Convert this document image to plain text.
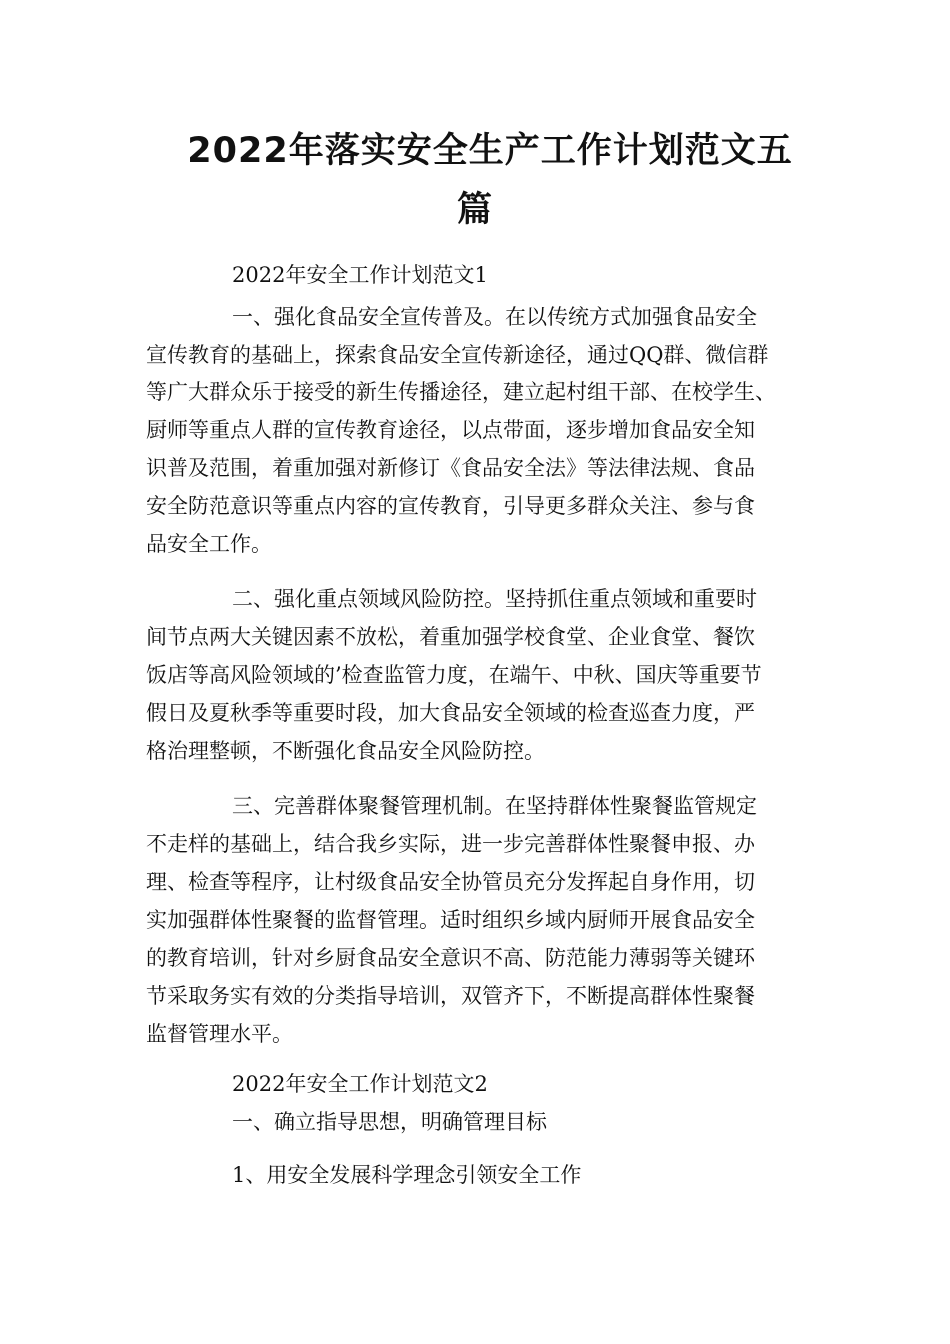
2022年落实安全生产工作计划范文五
篇
2022年安全工作计划范文1
一、强化食品安全宣传普及。在以传统方式加强食品安全
宣传教育的基础上，探索食品安全宣传新途径，通过QQ群、微信群
等广大群众乐于接受的新生传播途径，建立起村组干部、在校学生、
厨师等重点人群的宣传教育途径，以点带面，逐步增加食品安全知
识普及范围，着重加强对新修订《食品安全法》等法律法规、食品
安全防范意识等重点内容的宣传教育，引导更多群众关注、参与食
品安全工作。
二、强化重点领域风险防控。坚持抓住重点领域和重要时
间节点两大关键因素不放松，着重加强学校食堂、企业食堂、餐饮
饭店等高风险领域的’检查监管力度，在端午、中秋、国庆等重要节
假日及夏秋季等重要时段，加大食品安全领域的检查巡查力度，严
格治理整顿，不断强化食品安全风险防控。
三、完善群体聚餐管理机制。在坚持群体性聚餐监管规定
不走样的基础上，结合我乡实际，进一步完善群体性聚餐申报、办
理、检查等程序，让村级食品安全协管员充分发挥起自身作用，切
实加强群体性聚餐的监督管理。适时组织乡域内厨师开展食品安全
的教育培训，针对乡厨食品安全意识不高、防范能力薄弱等关键环
节采取务实有效的分类指导培训，双管齐下，不断提高群体性聚餐
监督管理水平。
2022年安全工作计划范文2
一、确立指导思想，明确管理目标
1、用安全发展科学理念引领安全工作
